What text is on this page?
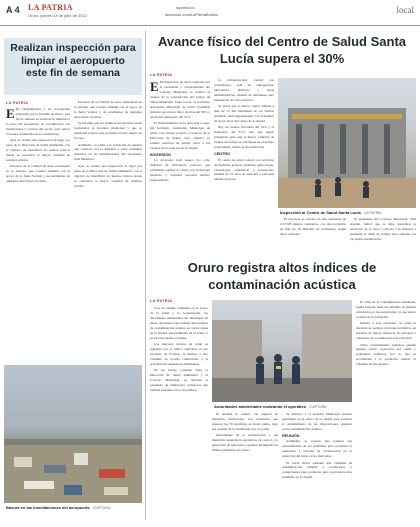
A 4 LA PATRIA
Oruro, jueves 14 de julio de 2022
lapatria.bo
facebook.com/LaPatriaBolivia	local
Realizan inspección para limpiar el aeropuerto este fin de semana
LA PATRIA

E En cumplimiento a un cronograma elaborado por la Alcaldía de Oruro, este fin de semana se realizará la limpieza a la zona del aeropuerto, en coordinación con instituciones y vecinos del sector, para retirar la basura acumulada en los alrededores.

Ayer se realizó una inspección al lugar por parte de la Dirección de Salud Ambiental, con el objetivo de identificar los puntos críticos donde se concentra la mayor cantidad de residuos sólidos.

Personal de la Unidad de Aseo participará en la jornada, que contará también con el apoyo de la Junta Vecinal y de estudiantes de unidades educativas cercanas.

Personal de la Unidad de Aseo participará en la jornada, que contará también con el apoyo de la Junta Vecinal y de estudiantes de unidades educativas cercanas.

Se informó que los residuos recolectados serán trasladados al botadero municipal y que se instalarán letreros que prohíban arrojar basura en la zona.

Asimismo, se pidió a la población en general que colabore con la limpieza y evite acumular desechos en las inmediaciones del aeropuerto Juan Mendoza.

Ayer se realizó una inspección al lugar por parte de la Dirección de Salud Ambiental, con el objetivo de identificar los puntos críticos donde se concentra la mayor cantidad de residuos sólidos.

Basura en las inmediaciones del aeropuerto /CAPTURA
Avance físico del Centro de Salud Santa Lucía supera el 30%
LA PATRIA

E En inspección de obras realizada por el presidente y vicepresidente del Concejo Municipal, se verificó el avance de la construcción del Centro de Salud Municipal Santa Lucía, el Gobierno Autónomo Municipal de Oruro (GAMO) informó un avance físico de más del 30% y un avance financiero del 31%.

El financiamiento de la obra está a cargo del Gobierno Autónomo Municipal de Oruro con fondos propios y recursos de la Dirección de Salud, cuyo objetivo es brindar atención de primer nivel a los vecinos de la zona sur de la ciudad.

INVERSIÓN

La inversión total supera los ocho millones de bolivianos, recursos que permitirán equipar el centro con tecnología moderna y contratar personal médico especializado.

La infraestructura contará con consultorios, sala de emergencias, laboratorio, farmacia y áreas administrativas, además de ambientes para internación de corta estancia.

Se prevé que el nuevo centro atienda a más de 15 mil habitantes de los barrios aledaños, descongestionando los hospitales de tercer nivel del centro de la ciudad.

Hay un avance favorable del 32% y el financiero del 31%, hay que seguir trabajando para que la mayor cantidad de frentes de trabajo se concluyan en el tiempo programado, señaló la autoridad edil.

CENTRO

El centro de salud contará con servicios de medicina general, pediatría, ginecología, odontología, enfermería y vacunación, además de un área de atención a personas adultas mayores.

Inspección al Centro de Salud Santa Lucía /LA PATRIA

El proyecto se ejecuta en una extensión de 2.572,85 metros cuadrados, con una inversión de más de 10 millones de bolivianos, según datos oficiales.

El presidente del Concejo Municipal, Saúl Aguilar, indicó que se debe garantizar la ejecución de la obra y exhortó a la empresa a mantener el ritmo de trabajo para cumplir con los plazos establecidos.

Oruro registra altos índices de contaminación acústica
LA PATRIA

Tras un estudio realizado en el sector de la salud y la Gobernación, las autoridades ambientales del municipio de Oruro advirtieron que existen altos índices de contaminación acústica en varias zonas de la ciudad, especialmente en el centro y en las principales avenidas.

Los mayores niveles de ruido se registran por el tráfico vehicular, el uso excesivo de bocinas, la música a alto volumen en locales comerciales y la actividad de vendedores ambulantes.

En un trabajo conjunto entre la Dirección de Salud Ambiental y el Concejo Municipal, se advirtió la presencia de numerosos comercios que utilizan parlantes en la vía pública.

Autoridades ambientales realizando el operativo /CAPTURA

El análisis se realizó con equipos de medición certificados, con resultados que superan los 70 decibeles en horas punta, muy por encima de lo establecido por la norma.

Autoridades de la Gobernación y del municipio anunciaron operativos de control y la aplicación de sanciones a quienes incumplan los límites permitidos de ruido.

Se instruyó a la Guardia Municipal realizar patrullajes en el centro de la ciudad para verificar el cumplimiento de las disposiciones vigentes sobre contaminación acústica.

REUNIÓN

Asimismo, se sostuvo una reunión con representantes de los gremiales para socializar la normativa y solicitar su colaboración en la reducción del ruido en los mercados.

Se prevé llevar adelante una campaña de sensibilización dirigida a conductores y comerciantes para promover una convivencia más saludable en la ciudad.

El tema de la contaminación ambiental, según Cepeda, debe ser atendido de manera prioritaria por las autoridades, ya que afecta la salud de la población.

Debido a este escenario, se tomó la decisión de realizar controles periódicos en horarios de mayor afluencia de personas y vehículos, en coordinación con la Policía.

Tanto contaminantes acústicos pueden generar estrés, trastornos del sueño y problemas auditivos, por lo que se recomienda a la población reducir el volumen de sus equipos.
